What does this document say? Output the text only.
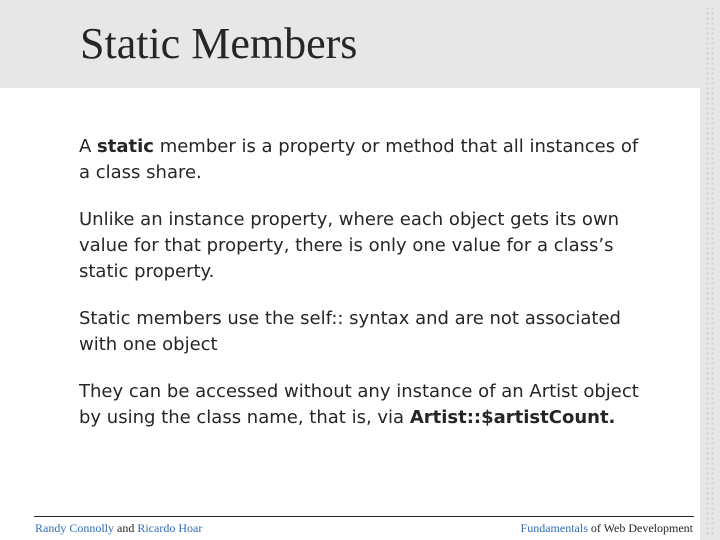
Static Members

A static member is a property or method that all instances of a class share.

Unlike an instance property, where each object gets its own value for that property, there is only one value for a class’s static property.

Static members use the self:: syntax and are not associated with one object

They can be accessed without any instance of an Artist object by using the class name, that is, via Artist::$artistCount.

Randy Connolly and Ricardo Hoar	Fundamentals of Web Development
